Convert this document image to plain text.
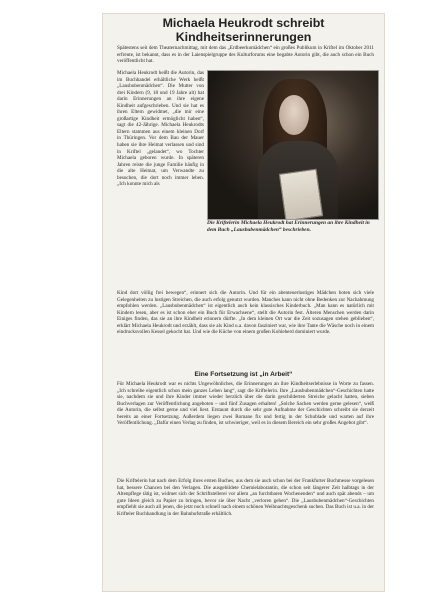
Michaela Heukrodt schreibt
Kindheitserinnerungen

Spätestens seit dem Theaternachmittag, mit dem das „Erdbeerkomädchen“ ein großes Publikum in Kriftel im Oktober 2011 erfreute, ist bekannt, dass es in der Laienspielgruppe des Kulturforums eine begabte Autorin gibt, die auch schon ein Buch veröffentlicht hat.

Michaela Heukrodt heißt die Autorin, das im Buchhandel erhältliche Werk heißt „Lausbubenmädchen“. Die Mutter von drei Kindern (9, 18 und 19 Jahre alt) hat darin Erinnerungen an ihre eigene Kindheit aufgeschrieben. Und sie hat es ihren Eltern gewidmet, „die mir eine großartige Kindheit ermöglicht haben“, sagt die 42-Jährige. Michaela Heukrodts Eltern stammen aus einem kleinen Dorf in Thüringen. Vor dem Bau der Mauer haben sie ihre Heimat verlassen und sind in Kriftel „gelandet“, wo Tochter Michaela geboren wurde. In späteren Jahren reiste die junge Familie häufig in die alte Heimat, um Verwandte zu besuchen, die dort noch immer leben. „Ich konnte mich als

Die Kriftelerin Michaela Heukrodt hat Erinnerungen an ihre Kindheit in dem Buch „Lausbubenmädchen“ beschrieben.

Kind dort völlig frei bewegen“, erinnert sich die Autorin. Und für ein abenteuerlustiges Mädchen boten sich viele Gelegenheiten zu lustigen Streichen, die auch erfolg genutzt wurden. Manches kann nicht ohne Bedenken zur Nachahmung empfohlen werden. „Lausbubenmädchen“ ist eigentlich auch kein klassisches Kinderbuch. „Man kann es natürlich mit Kindern lesen, aber es ist schon eher ein Buch für Erwachsene“, stellt die Autorin fest. Älteren Menschen werden darin Einiges finden, das sie an ihre Kindheit erinnern dürfte. „In dem kleinen Ort war die Zeit sozusagen stehen geblieben“, erklärt Michaela Heukrodt und erzählt, dass sie als Kind u.a. davon fasziniert war, wie ihre Tante die Wäsche noch in einem eindrucksvollen Kessel gekocht hat. Und wie die Küche von einem großen Kohleherd dominiert wurde.

Eine Fortsetzung ist „in Arbeit“

Für Michaela Heukrodt war es nichts Ungewöhnliches, die Erinnerungen an ihre Kindheitserlebnisse in Worte zu fassen. „Ich schreibe eigentlich schon mein ganzes Leben lang“, sagt die Kriftelerin. Ihre „Lausbubenmädchen“-Geschichten hatte sie, nachdem sie und ihre Kinder immer wieder herzlich über die darin geschilderten Streiche gelacht hatten, sieben Buchverlagen zur Veröffentlichung angeboten – und fünf Zusagen erhalten! „Solche Sachen werden gerne gelesen“, weiß die Autorin, die selbst gerne und viel liest. Erstaunt durch die sehr gute Aufnahme der Geschichten schreibt sie derzeit bereits an einer Fortsetzung. Außerdem liegen zwei Romane fix und fertig in der Schublade und warten auf ihre Veröffentlichung. „Dafür einen Verlag zu finden, ist schwieriger, weil es in diesem Bereich ein sehr großes Angebot gibt“.

Die Kriftelerin hat nach dem Erfolg ihres ersten Buches, aus dem sie auch schon bei der Frankfurter Buchmesse vorgelesen hat, bessere Chancen bei den Verlagen. Die ausgebildete Chemielaborantin, die schon seit längerer Zeit halbtags in der Altenpflege tätig ist, widmet sich der Schriftstellerei vor allem „an furchtbaren Wochenenden“ und auch spät abends – um gute Ideen gleich zu Papier zu bringen, bevor sie über Nacht „verloren gehen“. Die „Lausbubenmädchen“-Geschichten empfiehlt sie auch all jenen, die jetzt noch schnell nach einem schönen Weihnachtsgeschenk suchen. Das Buch ist u.a. in der Krifteler Buchhandlung in der Bahnhofstraße erhältlich.
